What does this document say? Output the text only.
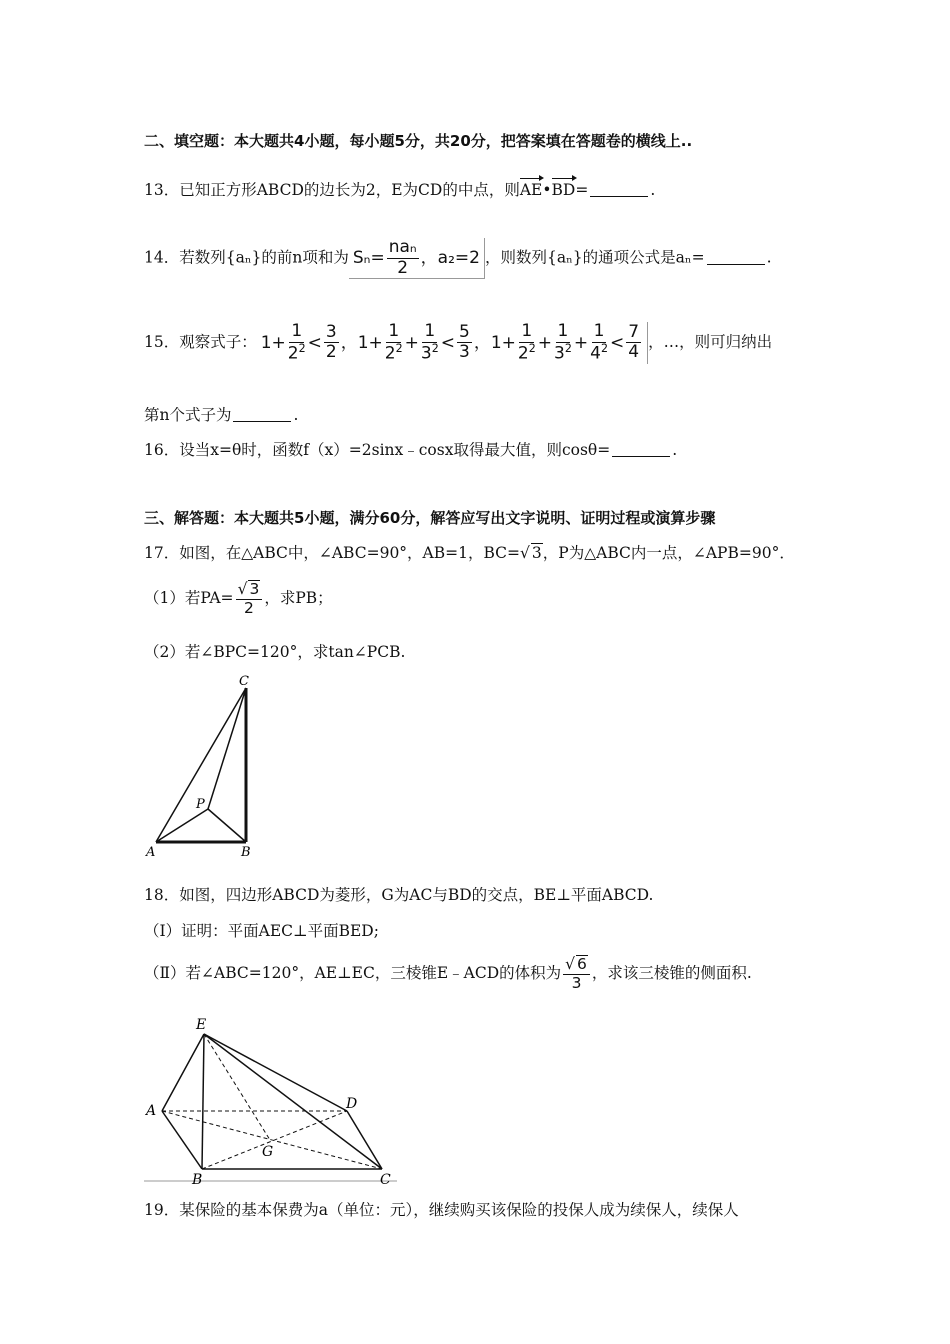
二、填空题：本大题共4小题，每小题5分，共20分，把答案填在答题卷的横线上..
13．已知正方形ABCD的边长为2，E为CD的中点，则AE•BD=	.
14．若数列{aₙ}的前n项和为 $S_n= \frac{\text{naₙ}}{2}$ ，a₂=2 ，则数列{aₙ}的通项公式是aₙ=	.
15．观察式子： $1+ \frac{1}{2^2} < \frac{3}{2}$ ，$1+ \frac{1}{2^2} + \frac{1}{3^2} < \frac{5}{3}$ ，$1+ \frac{1}{2^2} + \frac{1}{3^2} + \frac{1}{4^2} < \frac{7}{4}$ ，…，则可归纳出
第n个式子为	.
16．设当x=θ时，函数f（x）=2sinx﹣cosx取得最大值，则cosθ=	.
三、解答题：本大题共5小题，满分60分，解答应写出文字说明、证明过程或演算步骤
17．如图，在△ABC中，∠ABC=90°，AB=1，BC=√ 3，P为△ABC内一点，∠APB=90°．
（1）若$PA= \frac{√ 3}{2}$ ，求PB；
（2）若∠BPC=120°，求tan∠PCB.
C
P
A	B
18．如图，四边形ABCD为菱形，G为AC与BD的交点，BE⊥平面ABCD.
（Ⅰ）证明：平面AEC⊥平面BED;
（Ⅱ）若∠ABC=120°，AE⊥EC，三棱锥E﹣ACD的体积为 $\frac{√ 6}{3}$ ，求该三棱锥的侧面积.
E
A	D
G
B	C
19．某保险的基本保费为a（单位：元），继续购买该保险的投保人成为续保人，续保人
